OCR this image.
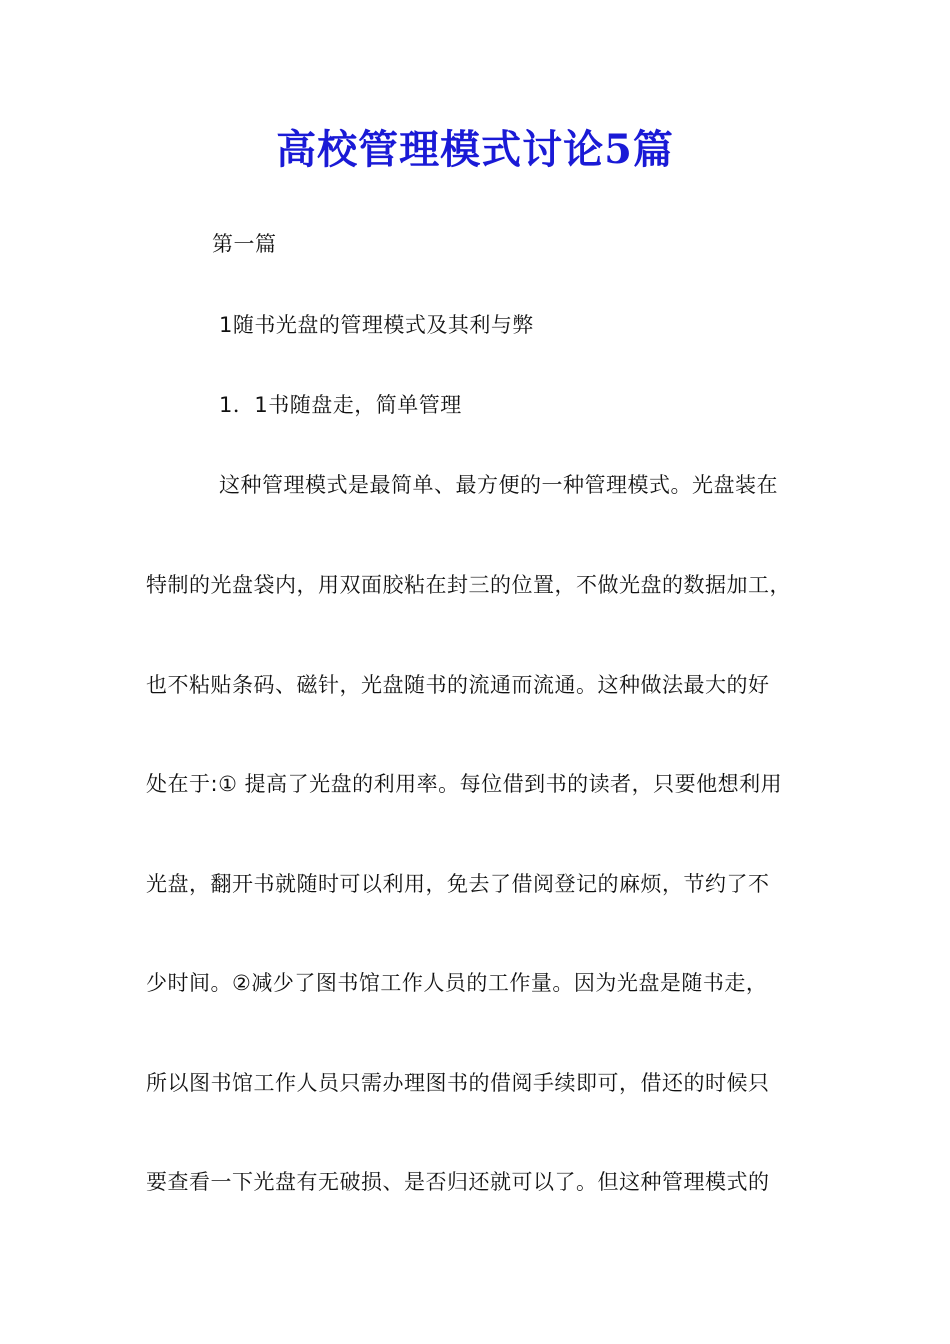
高校管理模式讨论5篇
第一篇
1随书光盘的管理模式及其利与弊
1．1书随盘走，简单管理
这种管理模式是最简单、最方便的一种管理模式。光盘装在
特制的光盘袋内，用双面胶粘在封三的位置，不做光盘的数据加工，
也不粘贴条码、磁针，光盘随书的流通而流通。这种做法最大的好
处在于:① 提高了光盘的利用率。每位借到书的读者，只要他想利用
光盘，翻开书就随时可以利用，免去了借阅登记的麻烦，节约了不
少时间。②减少了图书馆工作人员的工作量。因为光盘是随书走，
所以图书馆工作人员只需办理图书的借阅手续即可，借还的时候只
要查看一下光盘有无破损、是否归还就可以了。但这种管理模式的
